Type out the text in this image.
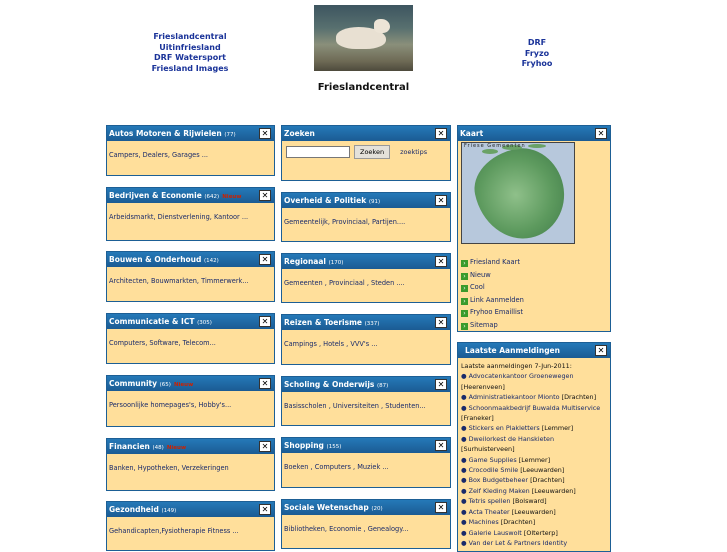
Frieslandcentral
Uitinfriesland
DRF Watersport
Friesland Images
DRF
Fryzo
Fryhoo
Frieslandcentral
Autos Motoren & Rijwielen (77)	✕
Campers, Dealers, Garages ...
Bedrijven & Economie (642) Nieuw	✕
Arbeidsmarkt, Dienstverlening, Kantoor ...
Bouwen & Onderhoud (142)	✕
Architecten, Bouwmarkten, Timmerwerk...
Communicatie & ICT (305)	✕
Computers, Software, Telecom...
Community (65) Nieuw	✕
Persoonlijke homepages's, Hobby's...
Financien (48) Nieuw	✕
Banken, Hypotheken, Verzekeringen
Gezondheid (149)	✕
Gehandicapten,Fysiotherapie Fitness ...
Zoeken	✕
Zoeken	zoektips
Overheid & Politiek (91)	✕
Gemeentelijk, Provinciaal, Partijen....
Regionaal (170)	✕
Gemeenten , Provinciaal , Steden ....
Reizen & Toerisme (337)	✕
Campings , Hotels , VVV's ...
Scholing & Onderwijs (87)	✕
Basisscholen , Universiteiten , Studenten...
Shopping (155)	✕
Boeken , Computers , Muziek ...
Sociale Wetenschap (20)	✕
Bibliotheken, Economie , Genealogy...
Kaart	✕
Friese Gemeenten
› Friesland Kaart
› Nieuw
› Cool
› Link Aanmelden
› Fryhoo Emaillist
› Sitemap
Laatste Aanmeldingen	✕
Laatste aanmeldingen 7-Jun-2011:
● Advocatenkantoor Groenewegen [Heerenveen]
● Administratiekantoor Mionto [Drachten]
● Schoonmaakbedrijf Buwalda Multiservice [Franeker]
● Stickers en Plakletters [Lemmer]
● Dweilorkest de Hanskieten [Surhuisterveen]
● Game Supplies [Lemmer]
● Crocodile Smile [Leeuwarden]
● Box Budgetbeheer [Drachten]
● Zelf Kleding Maken [Leeuwarden]
● Tetris spellen [Bolsward]
● Acta Theater [Leeuwarden]
● Machines [Drachten]
● Galerie Lauswolt [Olterterp]
● Van der Let & Partners Identity
